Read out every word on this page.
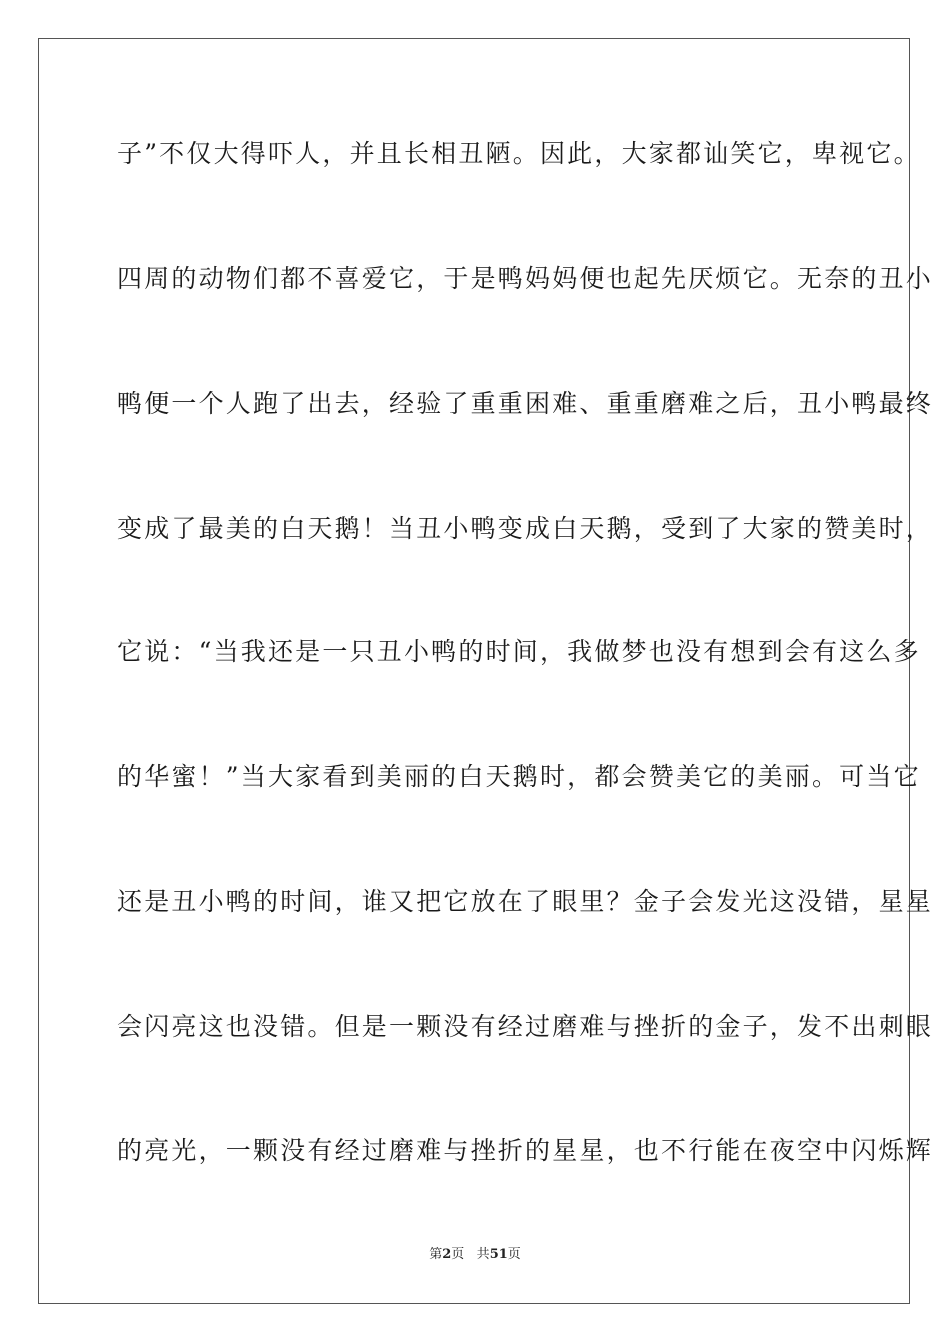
子”不仅大得吓人，并且长相丑陋。因此，大家都讪笑它，卑视它。
四周的动物们都不喜爱它，于是鸭妈妈便也起先厌烦它。无奈的丑小
鸭便一个人跑了出去，经验了重重困难、重重磨难之后，丑小鸭最终
变成了最美的白天鹅！当丑小鸭变成白天鹅，受到了大家的赞美时，
它说：“当我还是一只丑小鸭的时间，我做梦也没有想到会有这么多
的华蜜！”当大家看到美丽的白天鹅时，都会赞美它的美丽。可当它
还是丑小鸭的时间，谁又把它放在了眼里？金子会发光这没错，星星
会闪亮这也没错。但是一颗没有经过磨难与挫折的金子，发不出刺眼
的亮光，一颗没有经过磨难与挫折的星星，也不行能在夜空中闪烁辉
第2页 共51页
